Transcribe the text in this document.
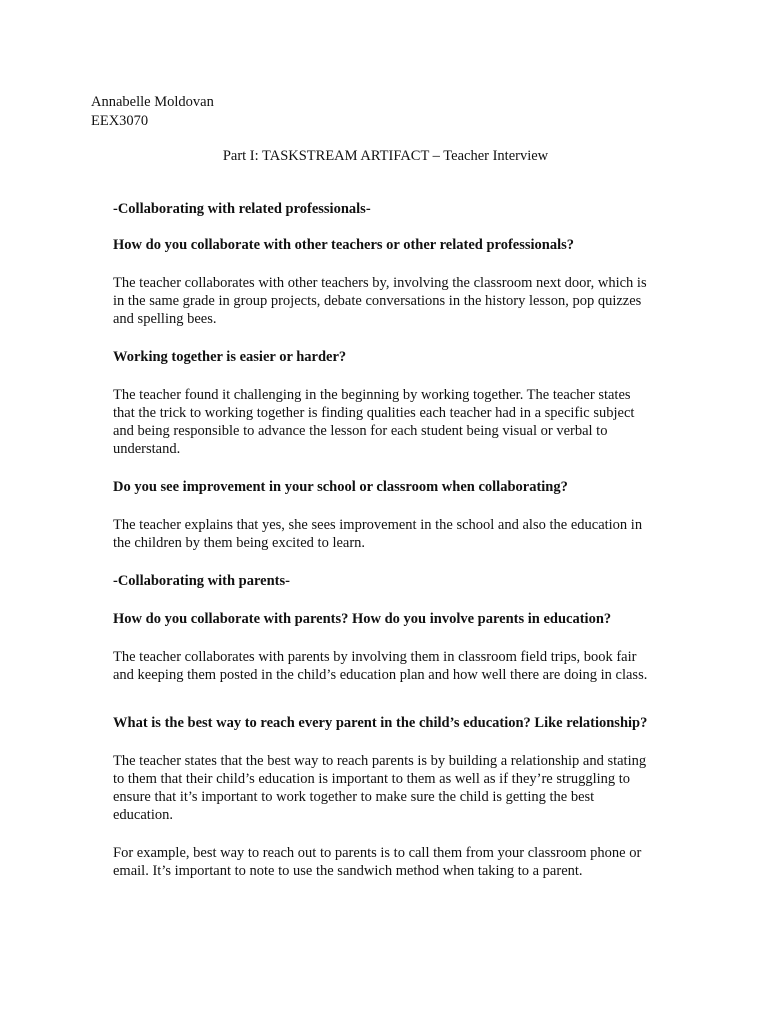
Annabelle Moldovan
EEX3070
Part I: TASKSTREAM ARTIFACT – Teacher Interview
-Collaborating with related professionals-
How do you collaborate with other teachers or other related professionals?
The teacher collaborates with other teachers by, involving the classroom next door, which is
in the same grade in group projects, debate conversations in the history lesson, pop quizzes
and spelling bees.
Working together is easier or harder?
The teacher found it challenging in the beginning by working together. The teacher states
that the trick to working together is finding qualities each teacher had in a specific subject
and being responsible to advance the lesson for each student being visual or verbal to
understand.
Do you see improvement in your school or classroom when collaborating?
The teacher explains that yes, she sees improvement in the school and also the education in
the children by them being excited to learn.
-Collaborating with parents-
How do you collaborate with parents? How do you involve parents in education?
The teacher collaborates with parents by involving them in classroom field trips, book fair
and keeping them posted in the child’s education plan and how well there are doing in class.
What is the best way to reach every parent in the child’s education? Like relationship?
The teacher states that the best way to reach parents is by building a relationship and stating
to them that their child’s education is important to them as well as if they’re struggling to
ensure that it’s important to work together to make sure the child is getting the best
education.
For example, best way to reach out to parents is to call them from your classroom phone or
email. It’s important to note to use the sandwich method when taking to a parent.
